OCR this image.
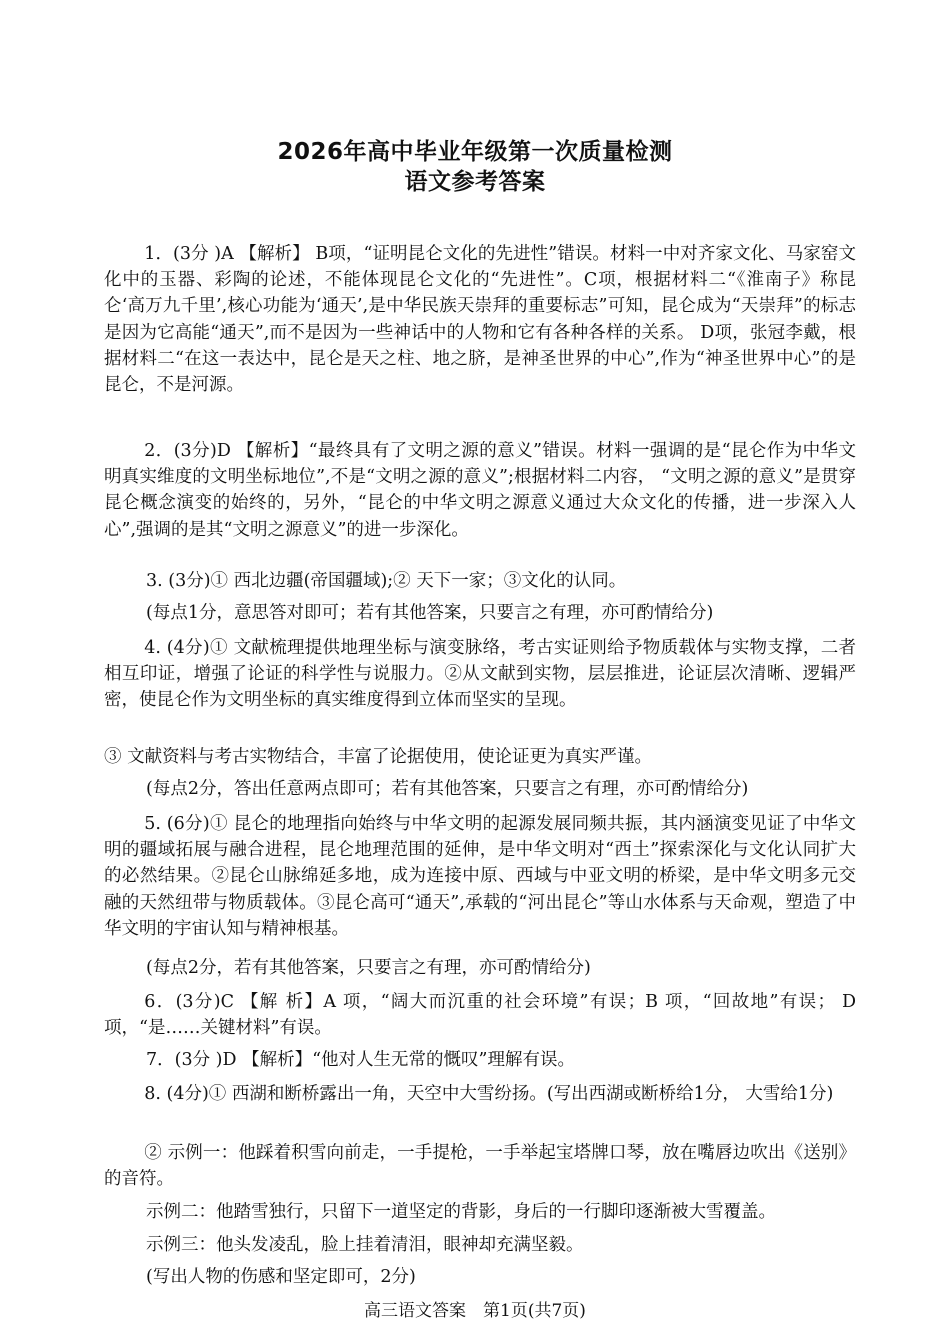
2026年高中毕业年级第一次质量检测
语文参考答案

1．(3分 )A 【解析】 B项，“证明昆仑文化的先进性”错误。材料一中对齐家文化、马家窑文化中的玉器、彩陶的论述，不能体现昆仑文化的“先进性”。C项，根据材料二“《淮南子》称昆仑‘高万九千里’,核心功能为‘通天’,是中华民族天崇拜的重要标志”可知，昆仑成为“天崇拜”的标志是因为它高能“通天”,而不是因为一些神话中的人物和它有各种各样的关系。 D项，张冠李戴，根据材料二“在这一表达中，昆仑是天之柱、地之脐，是神圣世界的中心”,作为“神圣世界中心”的是昆仑，不是河源。

2．(3分)D 【解析】“最终具有了文明之源的意义”错误。材料一强调的是“昆仑作为中华文明真实维度的文明坐标地位”,不是“文明之源的意义”;根据材料二内容， “文明之源的意义”是贯穿昆仑概念演变的始终的，另外，“昆仑的中华文明之源意义通过大众文化的传播，进一步深入人心”,强调的是其“文明之源意义”的进一步深化。

3. (3分)① 西北边疆(帝国疆域);② 天下一家；③文化的认同。

(每点1分，意思答对即可；若有其他答案，只要言之有理，亦可酌情给分)

4. (4分)① 文献梳理提供地理坐标与演变脉络，考古实证则给予物质载体与实物支撑，二者相互印证，增强了论证的科学性与说服力。②从文献到实物，层层推进，论证层次清晰、逻辑严密，使昆仑作为文明坐标的真实维度得到立体而坚实的呈现。

③ 文献资料与考古实物结合，丰富了论据使用，使论证更为真实严谨。

(每点2分，答出任意两点即可；若有其他答案，只要言之有理，亦可酌情给分)

5. (6分)① 昆仑的地理指向始终与中华文明的起源发展同频共振，其内涵演变见证了中华文明的疆域拓展与融合进程，昆仑地理范围的延伸，是中华文明对“西土”探索深化与文化认同扩大的必然结果。②昆仑山脉绵延多地，成为连接中原、西域与中亚文明的桥梁，是中华文明多元交融的天然纽带与物质载体。③昆仑高可“通天”,承载的“河出昆仑”等山水体系与天命观，塑造了中华文明的宇宙认知与精神根基。

(每点2分，若有其他答案，只要言之有理，亦可酌情给分)

6．(3分)C 【解 析】A 项，“阔大而沉重的社会环境”有误；B 项，“回故地”有误； D 项，“是……关键材料”有误。

7．(3分 )D 【解析】“他对人生无常的慨叹”理解有误。

8. (4分)① 西湖和断桥露出一角，天空中大雪纷扬。(写出西湖或断桥给1分， 大雪给1分)

② 示例一：他踩着积雪向前走，一手提枪，一手举起宝塔牌口琴，放在嘴唇边吹出《送别》的音符。

示例二：他踏雪独行，只留下一道坚定的背影，身后的一行脚印逐渐被大雪覆盖。

示例三：他头发凌乱，脸上挂着清泪，眼神却充满坚毅。

(写出人物的伤感和坚定即可，2分)

高三语文答案　第1页(共7页)
